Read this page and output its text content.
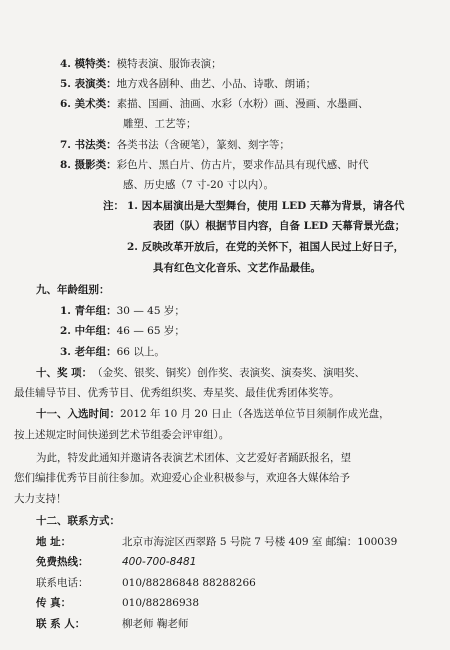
4. 模特类：模特表演、服饰表演；
5. 表演类：地方戏各剧种、曲艺、小品、诗歌、朗诵；
6. 美术类：素描、国画、油画、水彩（水粉）画、漫画、水墨画、
雕塑、工艺等；
7. 书法类：各类书法（含硬笔），篆刻、刻字等；
8. 摄影类：彩色片、黑白片、仿古片，要求作品具有现代感、时代
感、历史感（7 寸-20 寸以内）。
注： 1. 因本届演出是大型舞台，使用 LED 天幕为背景，请各代
表团（队）根据节目内容，自备 LED 天幕背景光盘；
2. 反映改革开放后，在党的关怀下，祖国人民过上好日子，
具有红色文化音乐、文艺作品最佳。
九、年龄组别：
1. 青年组：30 — 45 岁；
2. 中年组：46 — 65 岁；
3. 老年组：66 以上。
十、奖 项：（金奖、银奖、铜奖）创作奖、表演奖、演奏奖、演唱奖、
最佳辅导节目、优秀节目、优秀组织奖、寿星奖、最佳优秀团体奖等。
十一、入选时间：2012 年 10 月 20 日止（各选送单位节目须制作成光盘，
按上述规定时间快递到艺术节组委会评审组）。
为此，特发此通知并邀请各表演艺术团体、文艺爱好者踊跃报名，望
您们编排优秀节目前往参加。欢迎爱心企业积极参与，欢迎各大媒体给予
大力支持！
十二、联系方式：
地 址：	北京市海淀区西翠路 5 号院 7 号楼 409 室 邮编：100039
免费热线：	400-700-8481
联系电话：	010/88286848 88288266
传 真：	010/88286938
联 系 人：	柳老师 鞠老师
